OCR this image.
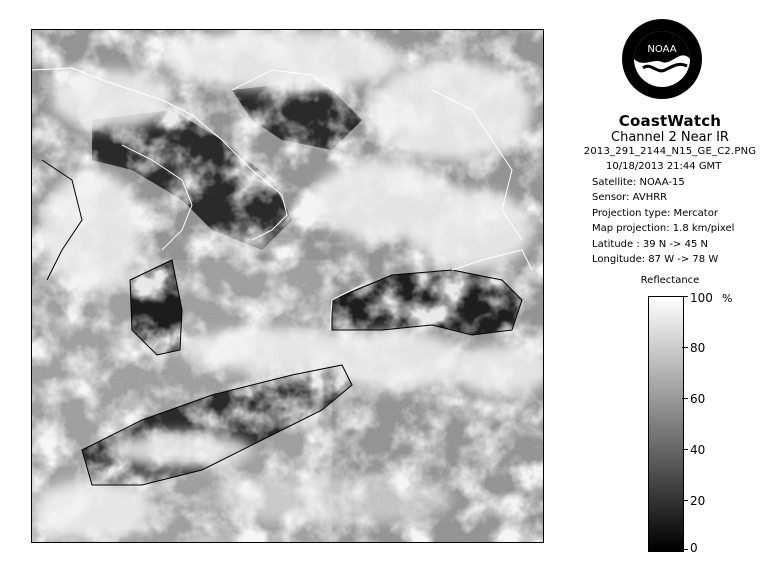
NOAA
CoastWatch
Channel 2 Near IR
2013_291_2144_N15_GE_C2.PNG
10/18/2013 21:44 GMT
Satellite: NOAA-15
Sensor: AVHRR
Projection type: Mercator
Map projection: 1.8 km/pixel
Latitude : 39 N -> 45 N
Longitude: 87 W -> 78 W
Reflectance
%
100
80
60
40
20
0
